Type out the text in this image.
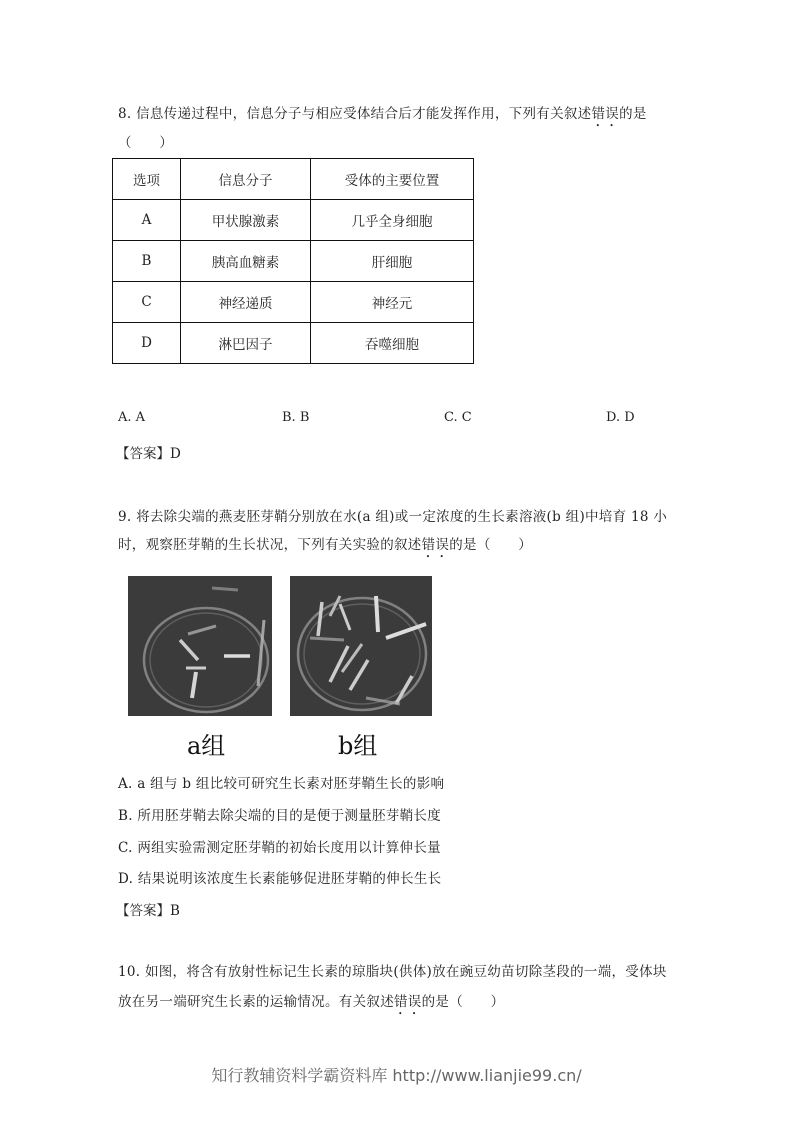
8. 信息传递过程中，信息分子与相应受体结合后才能发挥作用，下列有关叙述错误的是
（　　）
选项	信息分子	受体的主要位置
A	甲状腺激素	几乎全身细胞
B	胰高血糖素	肝细胞
C	神经递质	神经元
D	淋巴因子	吞噬细胞
A. A	B. B	C. C	D. D
【答案】D
9. 将去除尖端的燕麦胚芽鞘分别放在水(a 组)或一定浓度的生长素溶液(b 组)中培育 18 小
时，观察胚芽鞘的生长状况，下列有关实验的叙述错误的是（　　）
a组	b组
A. a 组与 b 组比较可研究生长素对胚芽鞘生长的影响
B. 所用胚芽鞘去除尖端的目的是便于测量胚芽鞘长度
C. 两组实验需测定胚芽鞘的初始长度用以计算伸长量
D. 结果说明该浓度生长素能够促进胚芽鞘的伸长生长
【答案】B
10. 如图，将含有放射性标记生长素的琼脂块(供体)放在豌豆幼苗切除茎段的一端，受体块
放在另一端研究生长素的运输情况。有关叙述错误的是（　　）
知行教辅资料学霸资料库 http://www.lianjie99.cn/
